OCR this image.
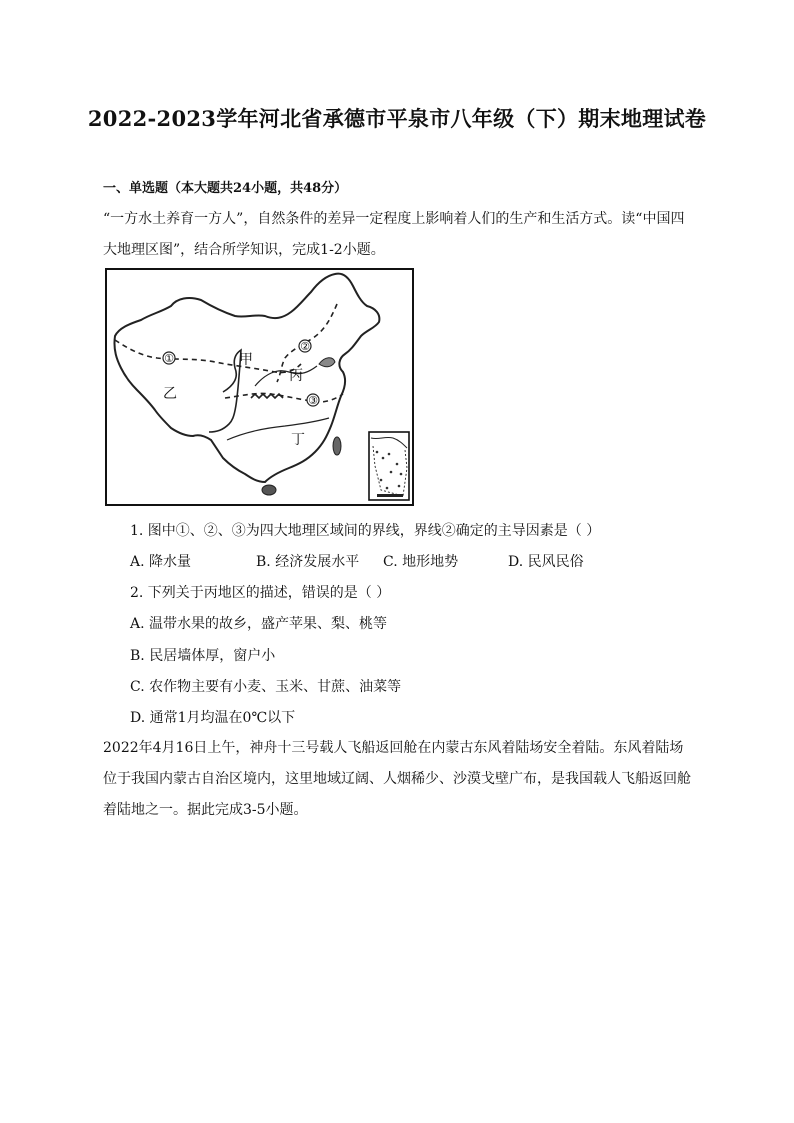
2022-2023学年河北省承德市平泉市八年级（下）期末地理试卷
一、单选题（本大题共24小题，共48分）
“一方水土养育一方人”，自然条件的差异一定程度上影响着人们的生产和生活方式。读“中国四大地理区图”，结合所学知识，完成1-2小题。
①
②
③
甲
乙
丙
丁
1. 图中①、②、③为四大地理区域间的界线，界线②确定的主导因素是（ ）
A. 降水量	B. 经济发展水平 C. 地形地势	D. 民风民俗
2. 下列关于丙地区的描述，错误的是（ ）
A. 温带水果的故乡，盛产苹果、梨、桃等
B. 民居墙体厚，窗户小
C. 农作物主要有小麦、玉米、甘蔗、油菜等
D. 通常1月均温在0℃以下
2022年4月16日上午，神舟十三号载人飞船返回舱在内蒙古东风着陆场安全着陆。东风着陆场位于我国内蒙古自治区境内，这里地域辽阔、人烟稀少、沙漠戈壁广布，是我国载人飞船返回舱着陆地之一。据此完成3-5小题。
